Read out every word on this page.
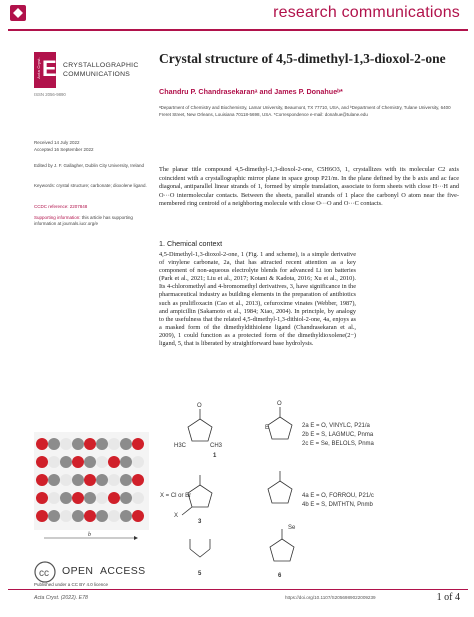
research communications
Acta Cryst. E CRYSTALLOGRAPHIC
COMMUNICATIONS
ISSN 2056-9890
Crystal structure of 4,5-dimethyl-1,3-dioxol-2-one
Chandru P. Chandrasekaranᵃ and James P. Donahueᵇ*
ᵃDepartment of Chemistry and Biochemistry, Lamar University, Beaumont, TX 77710, USA, and ᵇDepartment of Chemistry, Tulane University, 6400 Freret Street, New Orleans, Louisiana 70118-5698, USA. *Correspondence e-mail: donahue@tulane.edu
Received 14 July 2022
Accepted 16 September 2022
Edited by J. F. Gallagher, Dublin City University, Ireland
Keywords: crystal structure; carbonate; dioxolene ligand.
CCDC reference: 2207848
Supporting information: this article has supporting information at journals.iucr.org/e
The planar title compound 4,5-dimethyl-1,3-dioxol-2-one, C5H6O3, 1, crystallizes with its molecular C2 axis coincident with a crystallographic mirror plane in space group P21/m. In the plane defined by the b axis and ac face diagonal, antiparallel linear strands of 1, formed by simple translation, associate to form sheets with close H···H and O···O intermolecular contacts. Between the sheets, parallel strands of 1 place the carbonyl O atom near the five-membered ring centroid of a neighboring molecule with close O···O and O···C contacts.
1. Chemical context
4,5-Dimethyl-1,3-dioxol-2-one, 1 (Fig. 1 and scheme), is a simple derivative of vinylene carbonate, 2a, that has attracted recent attention as a key component of non-aqueous electrolyte blends for advanced Li ion batteries (Park et al., 2021; Liu et al., 2017; Kotani & Kadota, 2016; Xu et al., 2010). Its 4-chloromethyl and 4-bromomethyl derivatives, 3, have significance in the pharmaceutical industry as building elements in the preparation of antibiotics such as prulifloxacin (Cao et al., 2013), cefuroxime vinates (Webber, 1987), and ampicillin (Sakamoto et al., 1984; Xiao, 2004). In principle, by analogy to the usefulness that the related 4,5-dimethyl-1,3-dithiol-2-one, 4a, enjoys as a masked form of the dimethyldithiolene ligand (Chandrasekaran et al., 2009), 1 could function as a protected form of the dimethyldioxolene(2−) ligand, 5, that is liberated by straightforward base hydrolysis.
O	O
E
H3C	CH3
1
2a E = O, VINYLC, P21/a
2b E = S, LAGMUC, Pnma
2c E = Se, BELOLS, Pnma
X = Cl or Br
X
3
4a E = O, FORROU, P21/c
4b E = S, DMTHTN, Pnmb
5
Se
6
b
cc OPEN  ACCESS
Published under a CC BY 4.0 licence
Acta Cryst. (2022). E78	https://doi.org/10.1107/S2056989022009239	1 of 4
